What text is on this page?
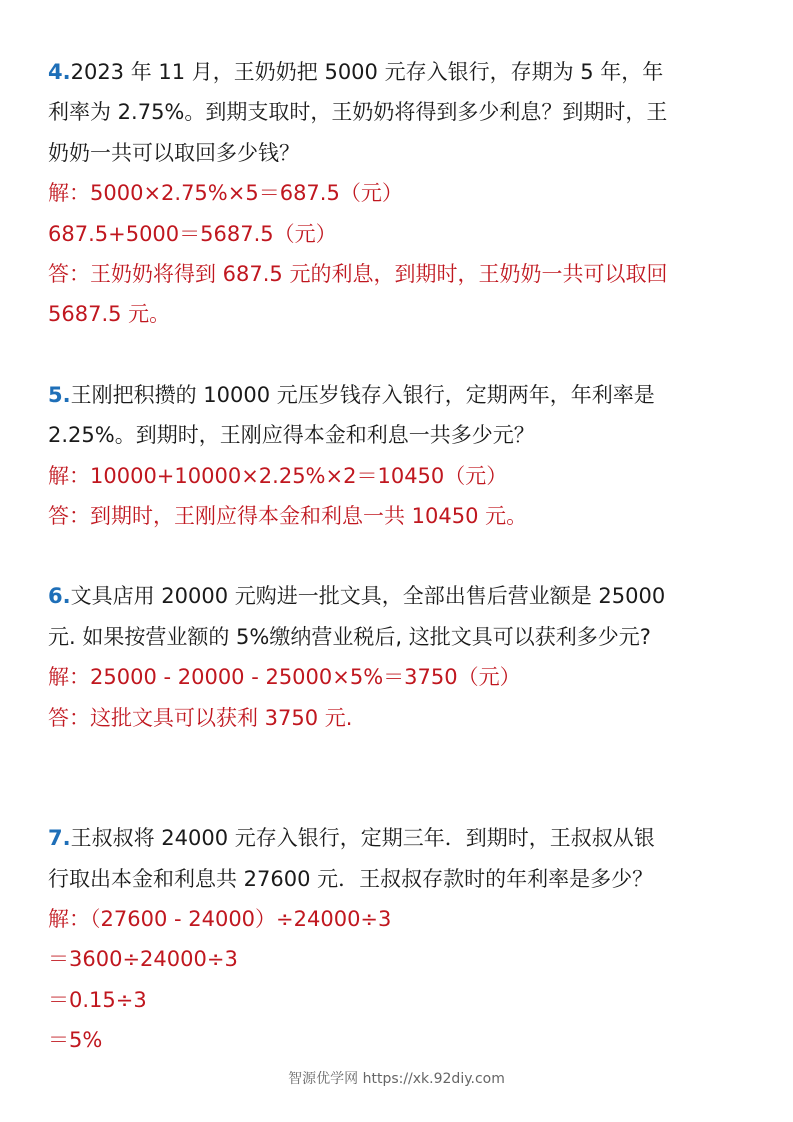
4.2023 年 11 月，王奶奶把 5000 元存入银行，存期为 5 年，年

利率为 2.75%。到期支取时，王奶奶将得到多少利息？到期时，王

奶奶一共可以取回多少钱？

解：5000×2.75%×5＝687.5（元）

687.5+5000＝5687.5（元）

答：王奶奶将得到 687.5 元的利息，到期时，王奶奶一共可以取回

5687.5 元。

5.王刚把积攒的 10000 元压岁钱存入银行，定期两年，年利率是

2.25%。到期时，王刚应得本金和利息一共多少元？

解：10000+10000×2.25%×2＝10450（元）

答：到期时，王刚应得本金和利息一共 10450 元。

6.文具店用 20000 元购进一批文具，全部出售后营业额是 25000

元. 如果按营业额的 5%缴纳营业税后, 这批文具可以获利多少元?

解：25000 - 20000 - 25000×5%＝3750（元）

答：这批文具可以获利 3750 元.

7.王叔叔将 24000 元存入银行，定期三年．到期时，王叔叔从银

行取出本金和利息共 27600 元．王叔叔存款时的年利率是多少？

解：（27600 - 24000）÷24000÷3

＝3600÷24000÷3

＝0.15÷3

＝5%

智源优学网 https://xk.92diy.com
